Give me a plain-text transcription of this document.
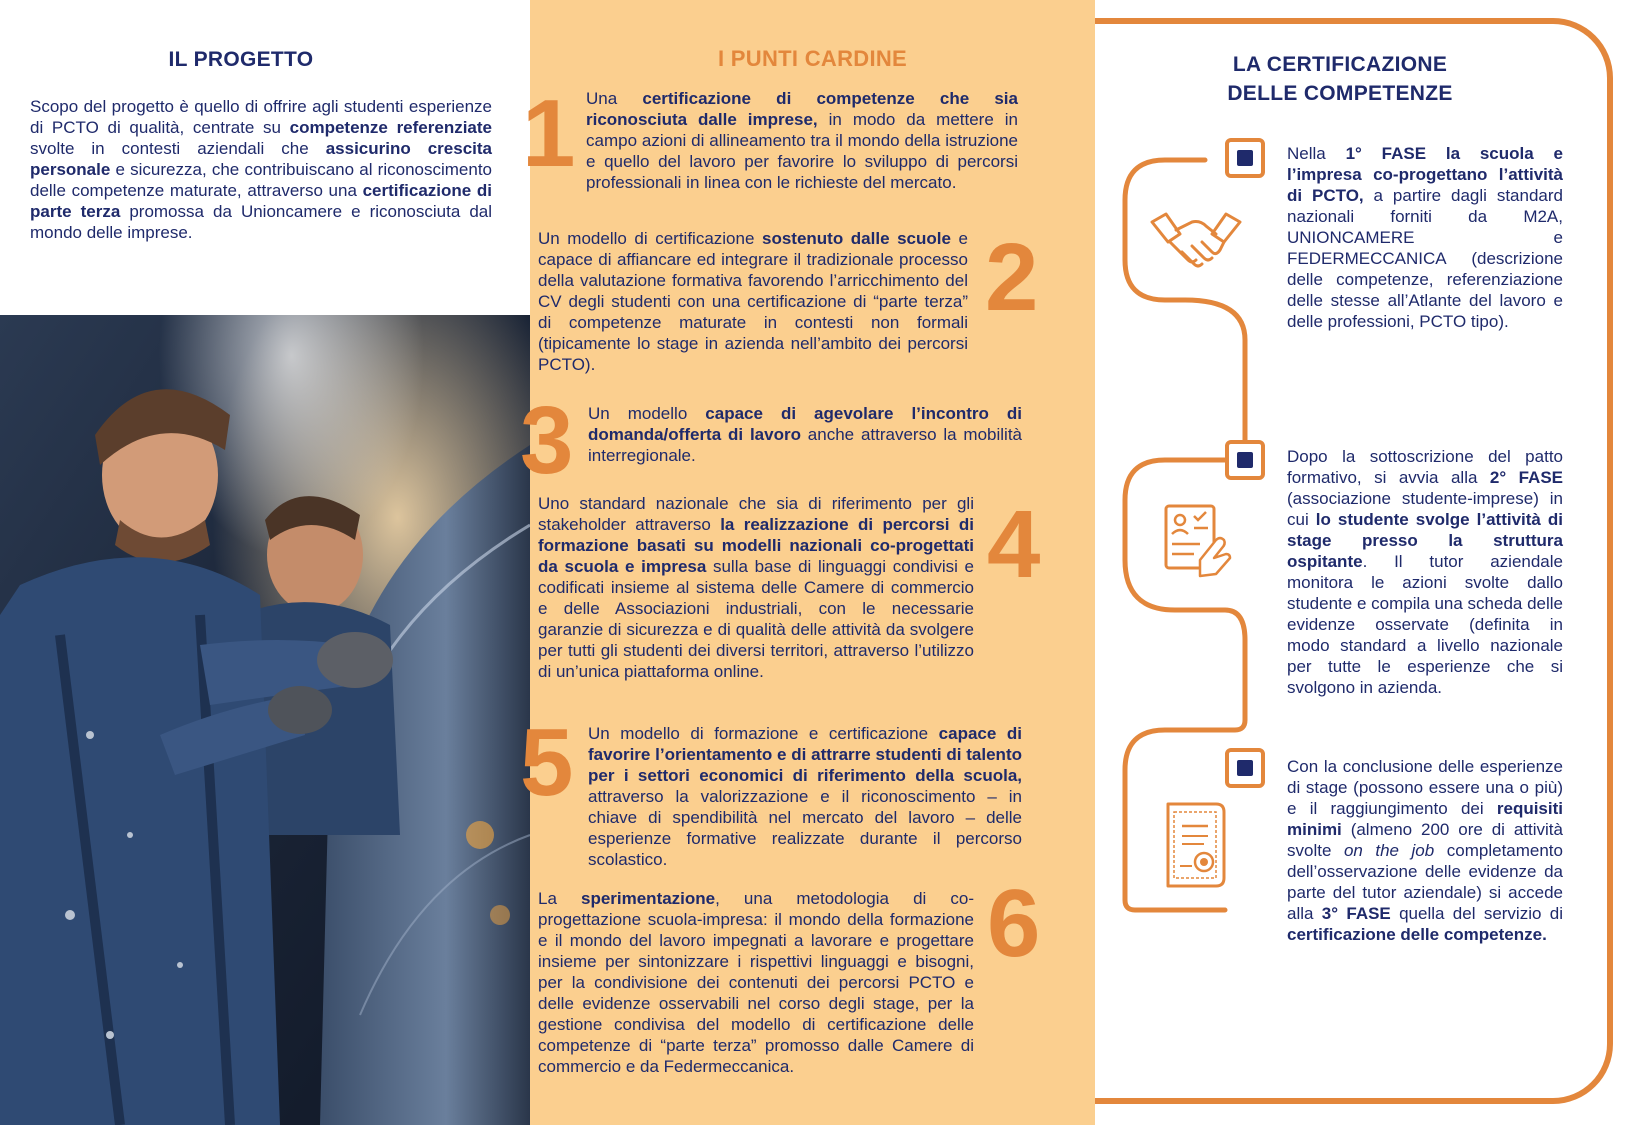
IL PROGETTO

Scopo del progetto è quello di offrire agli studenti esperienze di PCTO di qualità, centrate su competenze referenziate svolte in contesti aziendali che assicurino crescita personale e sicurezza, che contribuiscano al riconoscimento delle competenze maturate, attraverso una certificazione di parte terza promossa da Unioncamere e riconosciuta dal mondo delle imprese.

I PUNTI CARDINE
1 Una certificazione di competenze che sia riconosciuta dalle imprese, in modo da mettere in campo azioni di allineamento tra il mondo della istruzione e quello del lavoro per favorire lo sviluppo di percorsi professionali in linea con le richieste del mercato.

Un modello di certificazione sostenuto dalle scuole e capace di affiancare ed integrare il tradizionale processo della valutazione formativa favorendo l’arricchimento del CV degli studenti con una certificazione di “parte terza” di competenze maturate in contesti non formali (tipicamente lo stage in azienda nell’ambito dei percorsi PCTO).

2
3 Un modello capace di agevolare l’incontro di domanda/offerta di lavoro anche attraverso la mobilità interregionale.

Uno standard nazionale che sia di riferimento per gli stakeholder attraverso la realizzazione di percorsi di formazione basati su modelli nazionali co-progettati da scuola e impresa sulla base di linguaggi condivisi e codificati insieme al sistema delle Camere di commercio e delle Associazioni industriali, con le necessarie garanzie di sicurezza e di qualità delle attività da svolgere per tutti gli studenti dei diversi territori, attraverso l’utilizzo di un’unica piattaforma online.

4
5 Un modello di formazione e certificazione capace di favorire l’orientamento e di attrarre studenti di talento per i settori economici di riferimento della scuola, attraverso la valorizzazione e il riconoscimento – in chiave di spendibilità nel mercato del lavoro – delle esperienze formative realizzate durante il percorso scolastico.

La sperimentazione, una metodologia di co-progettazione scuola-impresa: il mondo della formazione e il mondo del lavoro impegnati a lavorare e progettare insieme per sintonizzare i rispettivi linguaggi e bisogni, per la condivisione dei contenuti dei percorsi PCTO e delle evidenze osservabili nel corso degli stage, per la gestione condivisa del modello di certificazione delle competenze di “parte terza” promosso dalle Camere di commercio e da Federmeccanica.

6
LA CERTIFICAZIONE
DELLE COMPETENZE

Nella 1° FASE la scuola e l’impresa co-progettano l’attività di PCTO, a partire dagli standard nazionali forniti da M2A, UNIONCAMERE e FEDERMECCANICA (descrizione delle competenze, referenziazione delle stesse all’Atlante del lavoro e delle professioni, PCTO tipo).

Dopo la sottoscrizione del patto formativo, si avvia alla 2° FASE (associazione studente-imprese) in cui lo studente svolge l’attività di stage presso la struttura ospitante. Il tutor aziendale monitora le azioni svolte dallo studente e compila una scheda delle evidenze osservate (definita in modo standard a livello nazionale per tutte le esperienze che si svolgono in azienda.

Con la conclusione delle esperienze di stage (possono essere una o più) e il raggiungimento dei requisiti minimi (almeno 200 ore di attività svolte on the job completamento dell’osservazione delle evidenze da parte del tutor aziendale) si accede alla 3° FASE quella del servizio di certificazione delle competenze.
